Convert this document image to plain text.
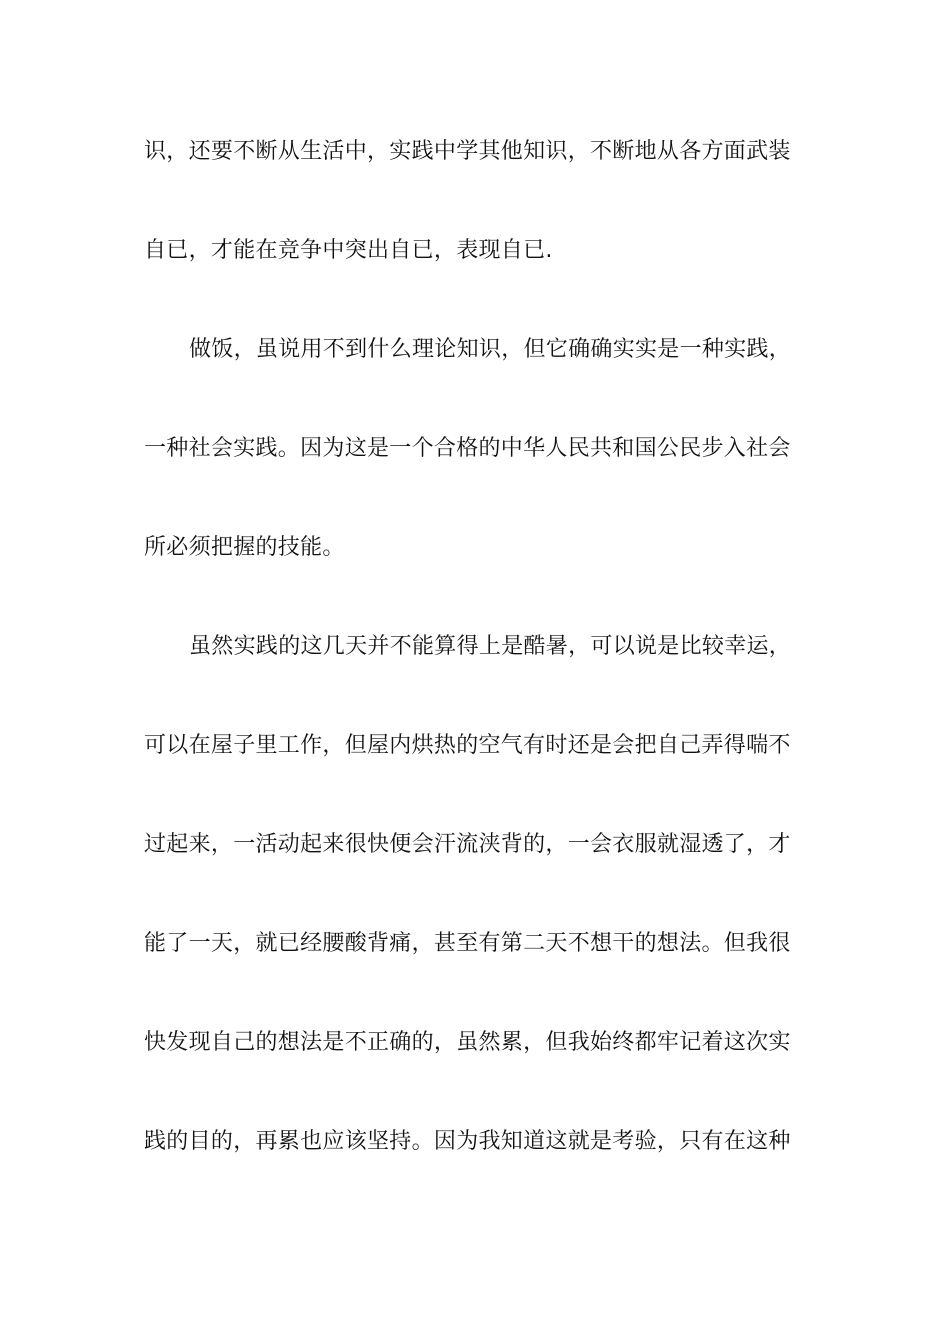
识，还要不断从生活中，实践中学其他知识，不断地从各方面武装
自已，才能在竞争中突出自已，表现自已.
做饭，虽说用不到什么理论知识，但它确确实实是一种实践，
一种社会实践。因为这是一个合格的中华人民共和国公民步入社会
所必须把握的技能。
虽然实践的这几天并不能算得上是酷暑，可以说是比较幸运，
可以在屋子里工作，但屋内烘热的空气有时还是会把自己弄得喘不
过起来，一活动起来很快便会汗流浃背的，一会衣服就湿透了，才
能了一天，就已经腰酸背痛，甚至有第二天不想干的想法。但我很
快发现自己的想法是不正确的，虽然累，但我始终都牢记着这次实
践的目的，再累也应该坚持。因为我知道这就是考验，只有在这种
